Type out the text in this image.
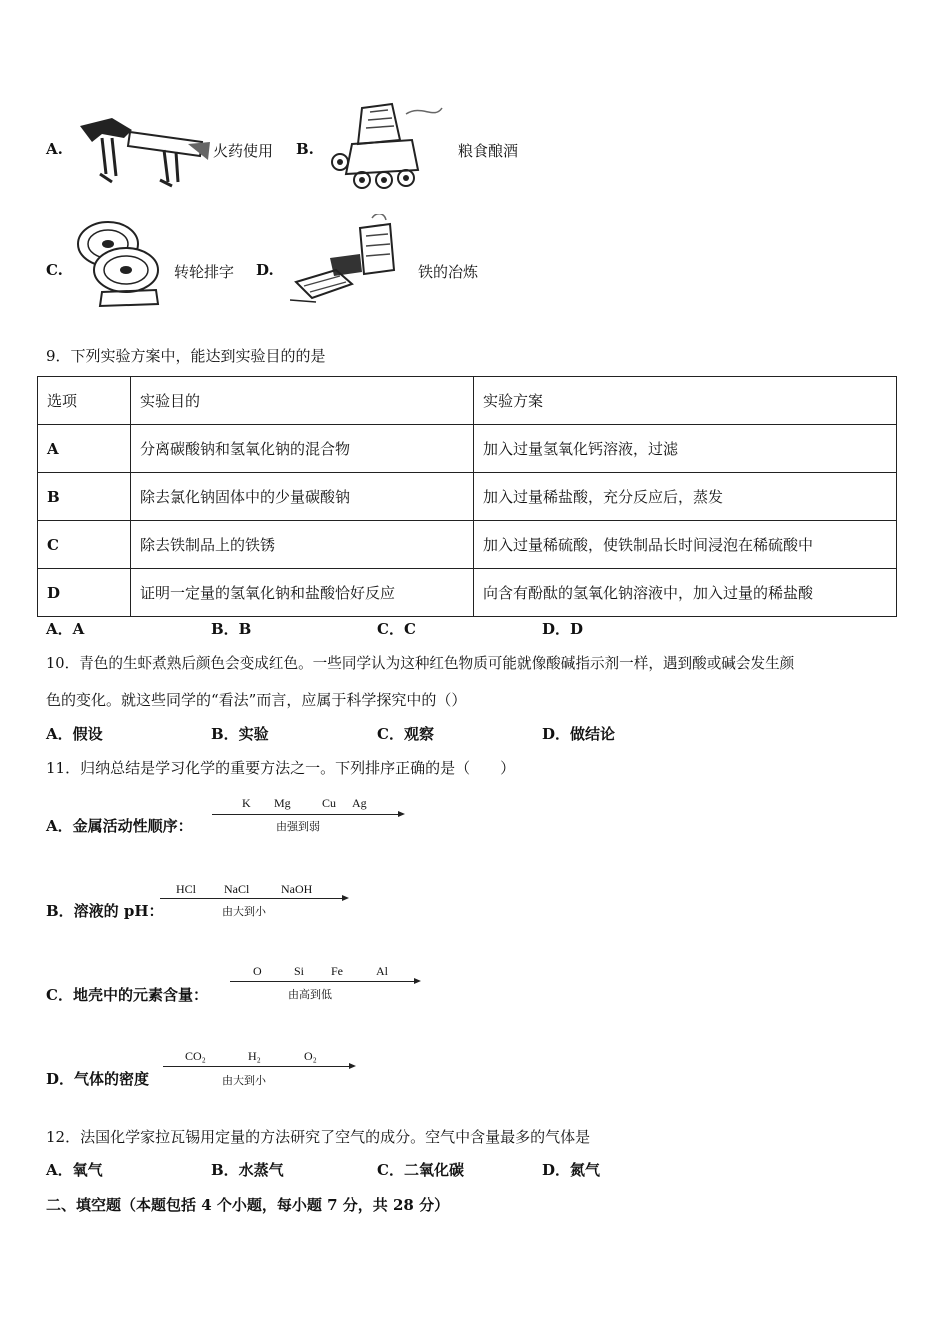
A.	火药使用 B.	粮食酿酒
C.	转轮排字 D.	铁的冶炼
9．下列实验方案中，能达到实验目的的是
选项	实验目的	实验方案
A	分离碳酸钠和氢氧化钠的混合物	加入过量氢氧化钙溶液，过滤
B	除去氯化钠固体中的少量碳酸钠	加入过量稀盐酸，充分反应后，蒸发
C	除去铁制品上的铁锈	加入过量稀硫酸，使铁制品长时间浸泡在稀硫酸中
D	证明一定量的氢氧化钠和盐酸恰好反应	向含有酚酞的氢氧化钠溶液中，加入过量的稀盐酸
A．A	B．B	C．C	D．D
10．青色的生虾煮熟后颜色会变成红色。一些同学认为这种红色物质可能就像酸碱指示剂一样，遇到酸或碱会发生颜
色的变化。就这些同学的“看法”而言，应属于科学探究中的（）
A．假设	B．实验	C．观察	D．做结论
11．归纳总结是学习化学的重要方法之一。下列排序正确的是（　　）
A．金属活动性顺序：
K Mg	Cu Ag
由强到弱
B．溶液的 pH：
HCl NaCl	NaOH
由大到小
C．地壳中的元素含量：
O	Si Fe	Al
由高到低
D．气体的密度
CO₂	H₂	O₂
由大到小
12．法国化学家拉瓦锡用定量的方法研究了空气的成分。空气中含量最多的气体是
A．氧气	B．水蒸气	C．二氧化碳	D．氮气
二、填空题（本题包括 4 个小题，每小题 7 分，共 28 分）
